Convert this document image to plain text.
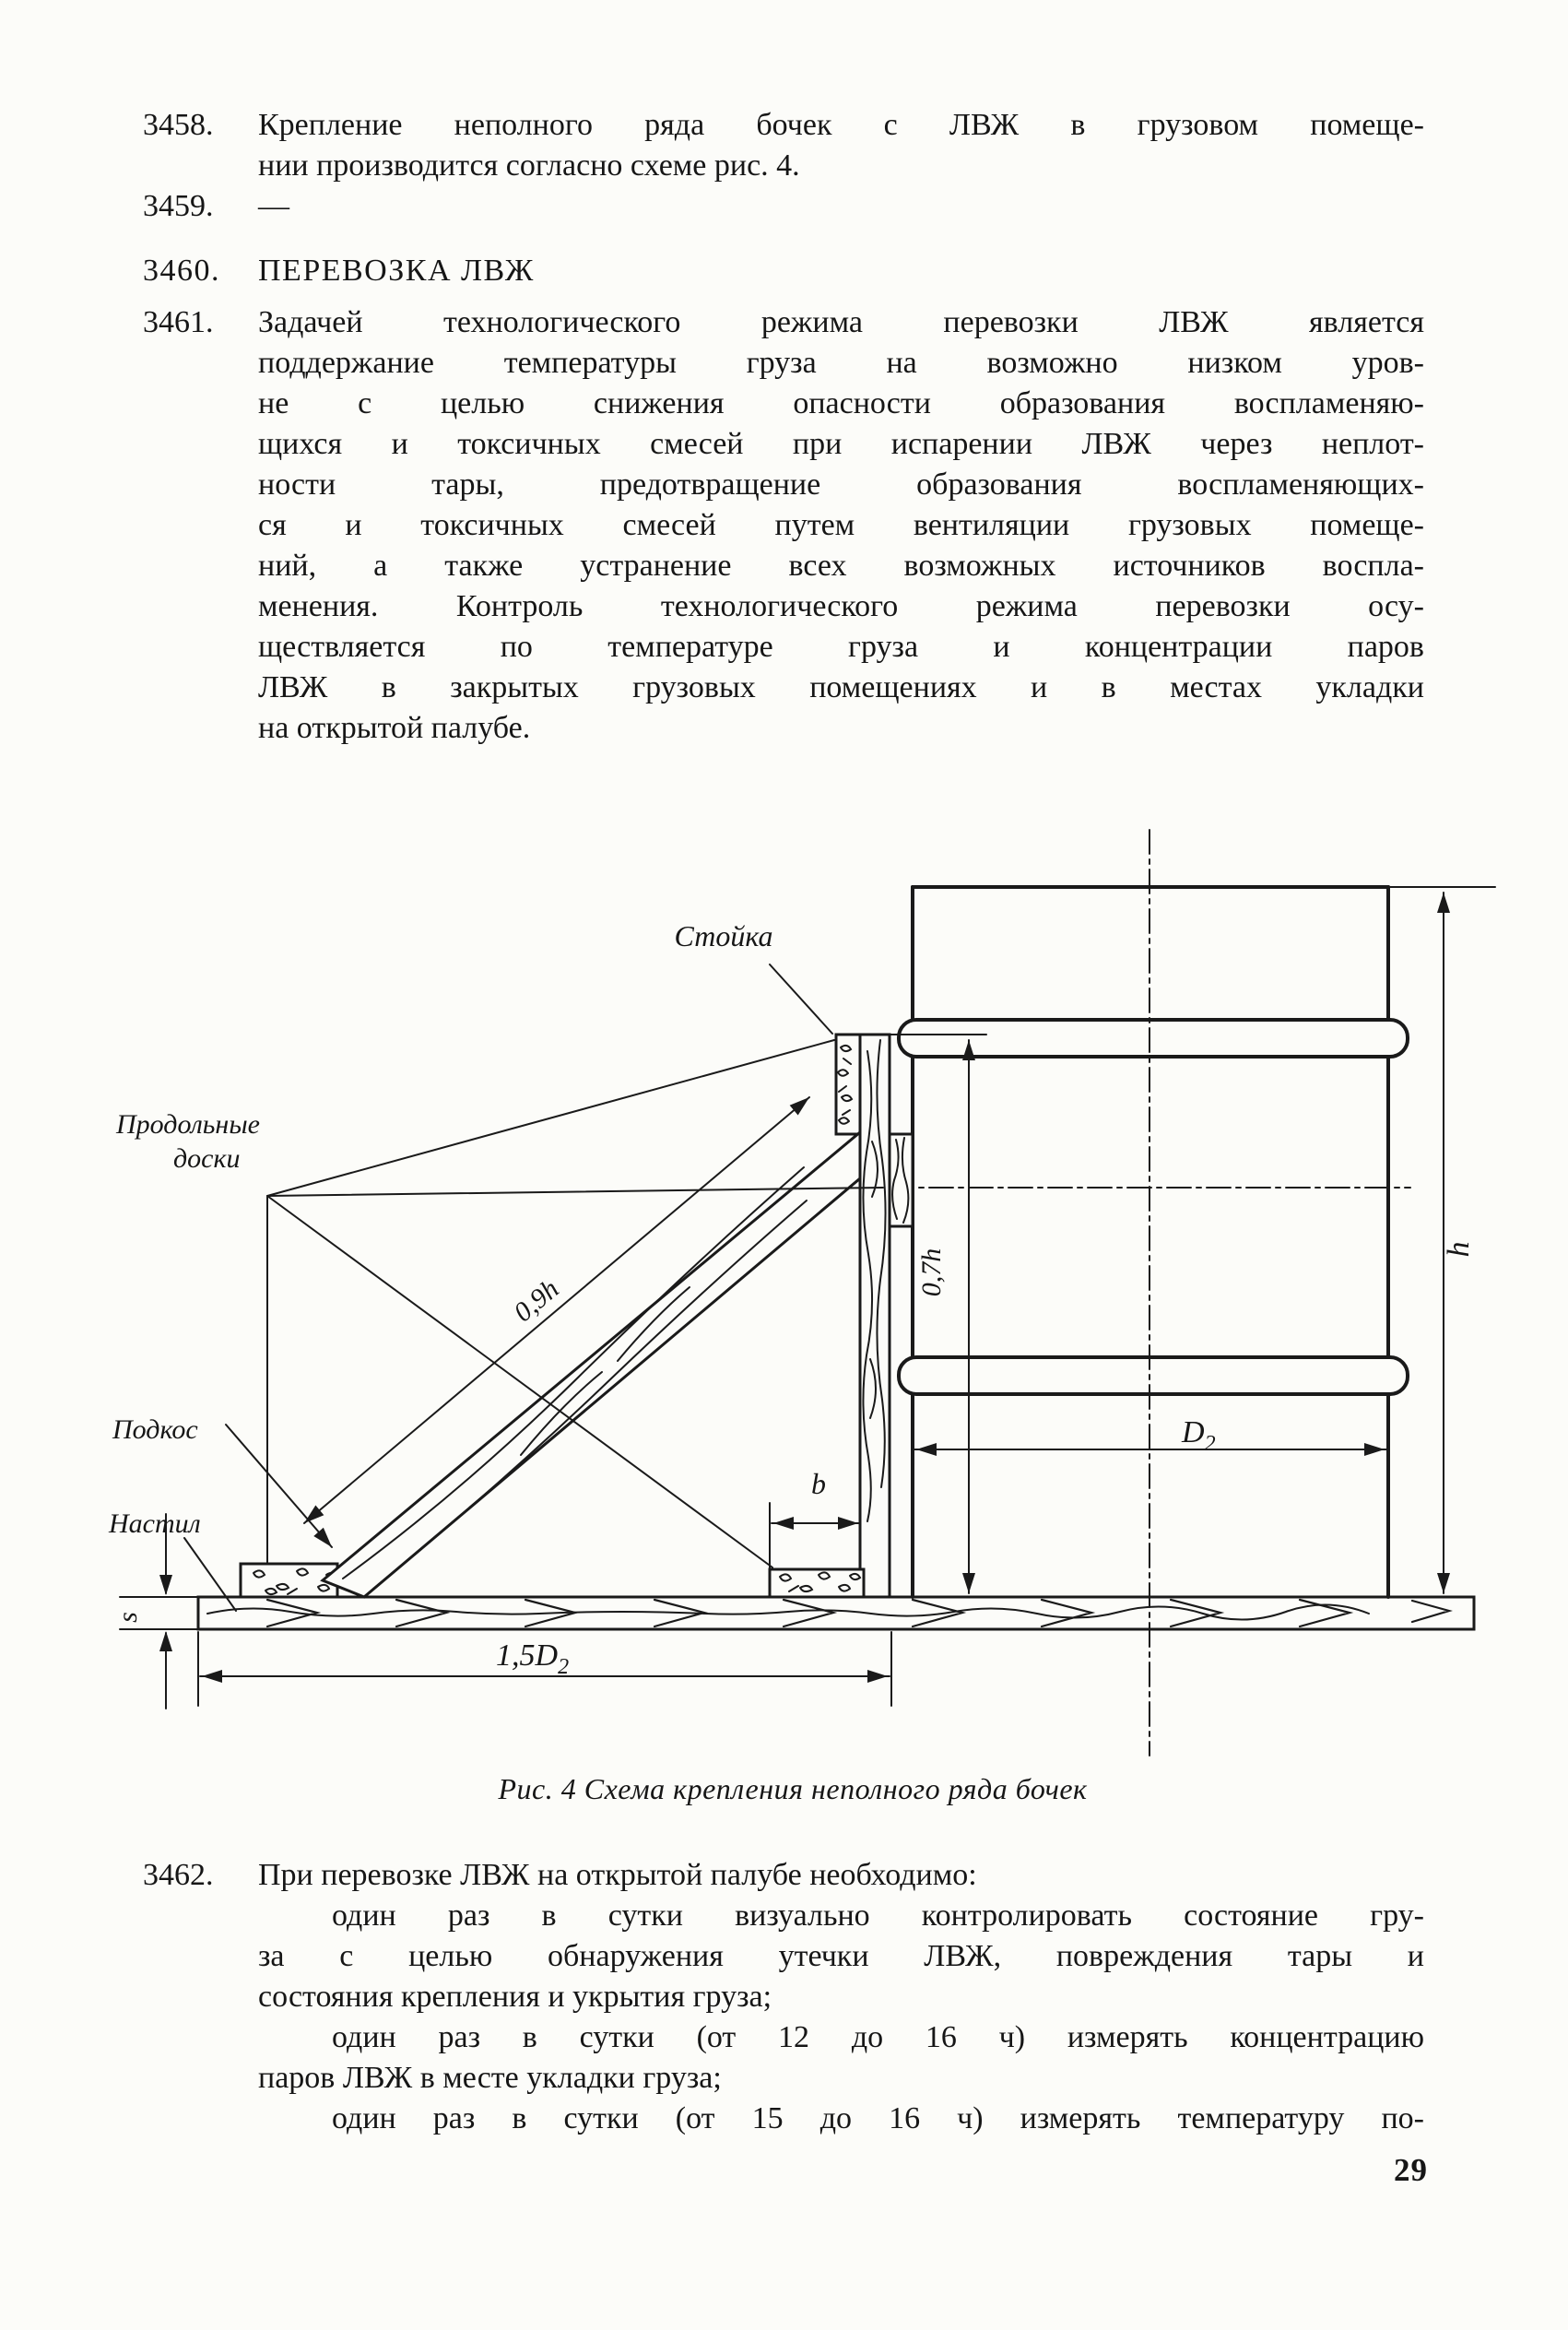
3458. Крепление неполного ряда бочек с ЛВЖ в грузовом помеще-
нии производится согласно схеме рис. 4.
3459. —
3460. ПЕРЕВОЗКА ЛВЖ
3461. Задачей технологического режима перевозки ЛВЖ является
поддержание температуры груза на возможно низком уров-
не с целью снижения опасности образования воспламеняю-
щихся и токсичных смесей при испарении ЛВЖ через неплот-
ности тары, предотвращение образования воспламеняющих-
ся и токсичных смесей путем вентиляции грузовых помеще-
ний, а также устранение всех возможных источников воспла-
менения. Контроль технологического режима перевозки осу-
ществляется по температуре груза и концентрации паров
ЛВЖ в закрытых грузовых помещениях и в местах укладки
на открытой палубе.
Стойка
Продольные
доски
Подкос
Настил
0,9h
0,7h	h
b
$D_2$
$1,5D_2$
s
Рис. 4 Схема крепления неполного ряда бочек
3462. При перевозке ЛВЖ на открытой палубе необходимо:
один раз в сутки визуально контролировать состояние гру-
за с целью обнаружения утечки ЛВЖ, повреждения тары и
состояния крепления и укрытия груза;
один раз в сутки (от 12 до 16 ч) измерять концентрацию
паров ЛВЖ в месте укладки груза;
один раз в сутки (от 15 до 16 ч) измерять температуру по-
29
